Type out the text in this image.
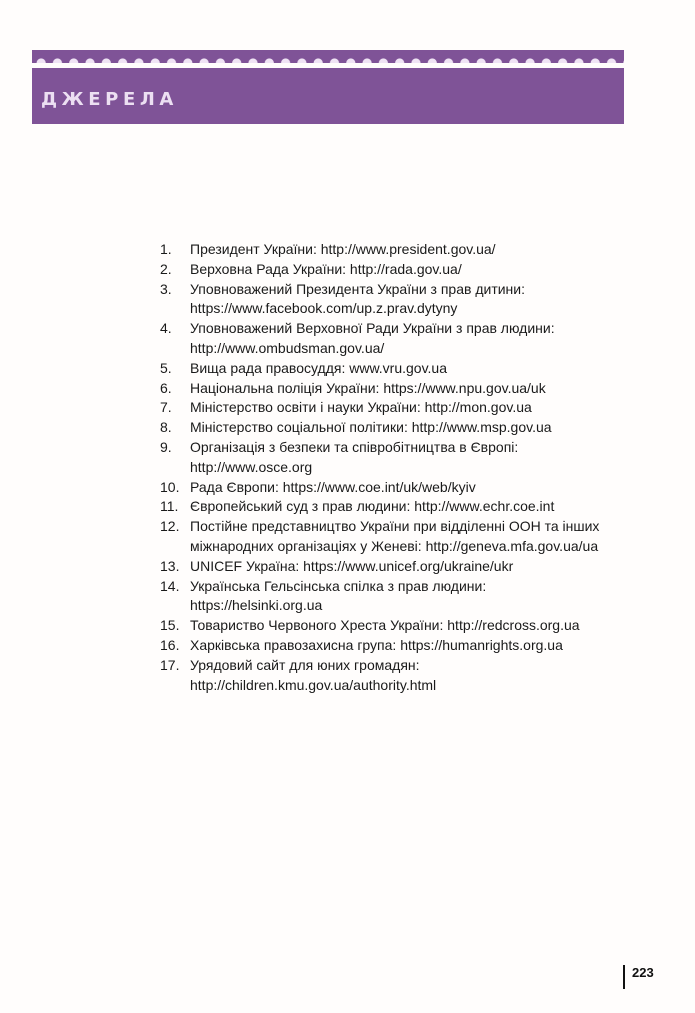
ДЖЕРЕЛА
1.	Президент України: http://www.president.gov.ua/
2.	Верховна Рада України: http://rada.gov.ua/
3.	Уповноважений Президента України з прав дитини:
https://www.facebook.com/up.z.prav.dytyny
4.	Уповноважений Верховної Ради України з прав людини:
http://www.ombudsman.gov.ua/
5.	Вища рада правосуддя: www.vru.gov.ua
6.	Національна поліція України: https://www.npu.gov.ua/uk
7.	Міністерство освіти і науки України: http://mon.gov.ua
8.	Міністерство соціальної політики: http://www.msp.gov.ua
9.	Організація з безпеки та співробітництва в Європі:
http://www.osce.org
10. Рада Європи: https://www.coe.int/uk/web/kyiv
11. Європейський суд з прав людини: http://www.echr.coe.int
12. Постійне представництво України при відділенні ООН та інших
міжнародних організаціях у Женеві: http://geneva.mfa.gov.ua/ua
13. UNICEF Україна: https://www.unicef.org/ukraine/ukr
14. Українська Гельсінська спілка з прав людини:
https://helsinki.org.ua
15. Товариство Червоного Хреста України: http://redcross.org.ua
16. Харківська правозахисна група: https://humanrights.org.ua
17. Урядовий сайт для юних громадян:
http://children.kmu.gov.ua/authority.html
223
